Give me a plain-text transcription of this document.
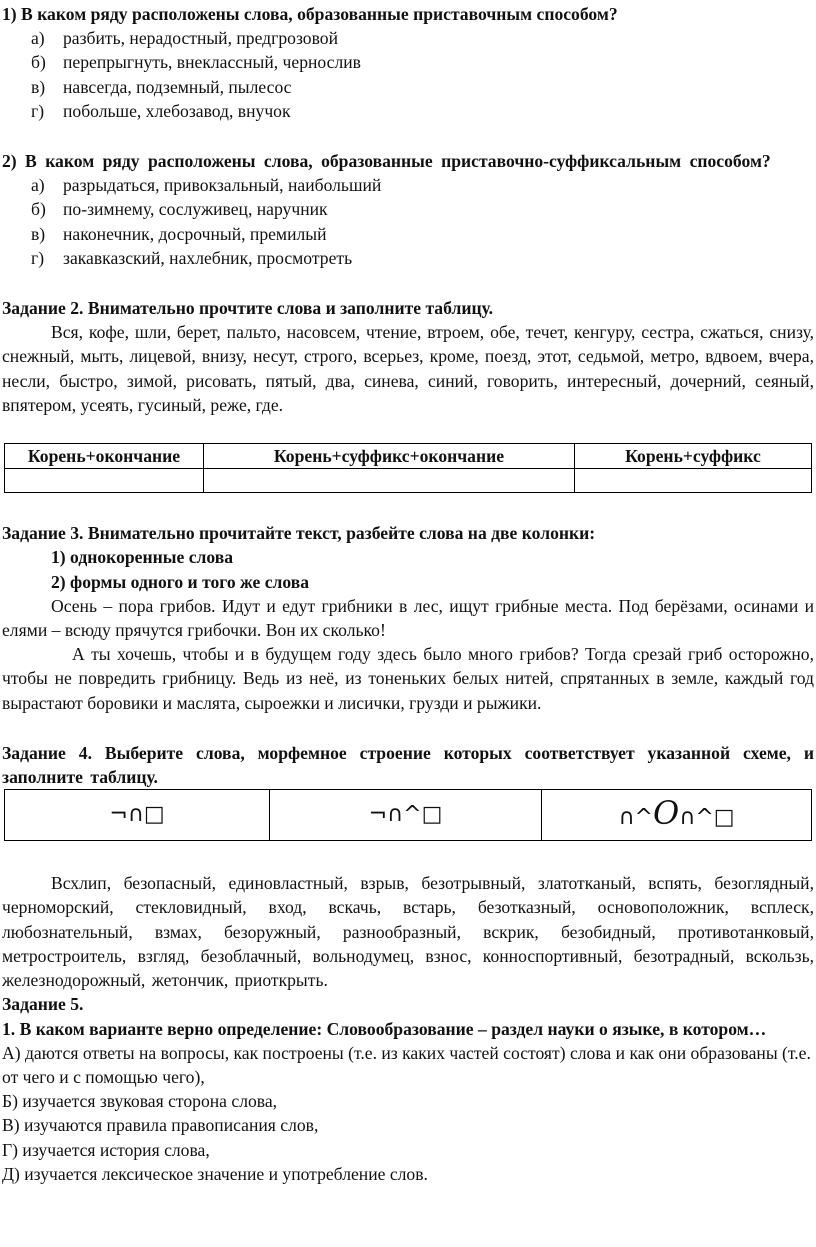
1) В каком ряду расположены слова, образованные приставочным способом?

а)	разбить, нерадостный, предгрозовой
б) перепрыгнуть, внеклассный, чернослив
в)	навсегда, подземный, пылесос
г)	побольше, хлебозавод, внучок

2) В каком ряду расположены слова, образованные приставочно-суффиксальным способом?

а)	разрыдаться, привокзальный, наибольший
б) по-зимнему, сослуживец, наручник
в)	наконечник, досрочный, премилый
г)	закавказский, нахлебник, просмотреть

Задание 2. Внимательно прочтите слова и заполните таблицу.

Вся, кофе, шли, берет, пальто, насовсем, чтение, втроем, обе, течет, кенгуру, сестра, сжаться, снизу, снежный, мыть, лицевой, внизу, несут, строго, всерьез, кроме, поезд, этот, седьмой, метро, вдвоем, вчера, несли, быстро, зимой, рисовать, пятый, два, синева, синий, говорить, интересный, дочерний, сеяный, впятером, усеять, гусиный, реже, где.

Корень+окончание	Корень+суффикс+окончание	Корень+суффикс

Задание 3. Внимательно прочитайте текст, разбейте слова на две колонки:

1) однокоренные слова

2) формы одного и того же слова

Осень – пора грибов. Идут и едут грибники в лес, ищут грибные места. Под берёзами, осинами и елями – всюду прячутся грибочки. Вон их сколько!

А ты хочешь, чтобы и в будущем году здесь было много грибов? Тогда срезай гриб осторожно, чтобы не повредить грибницу. Ведь из неё, из тоненьких белых нитей, спрятанных в земле, каждый год вырастают боровики и маслята, сыроежки и лисички, грузди и рыжики.

Задание 4. Выберите слова, морфемное строение которых соответствует указанной схеме, и заполните таблицу.

¬∩□	¬∩^□	∩^O∩^□

Всхлип, безопасный, единовластный, взрыв, безотрывный, златотканый, вспять, безоглядный, черноморский, стекловидный, вход, вскачь, встарь, безотказный, основоположник, всплеск, любознательный, взмах, безоружный, разнообразный, вскрик, безобидный, противотанковый, метростроитель, взгляд, безоблачный, вольнодумец, взнос, конноспортивный, безотрадный, вскользь, железнодорожный, жетончик, приоткрыть.

Задание 5.

1. В каком варианте верно определение: Словообразование – раздел науки о языке, в котором…

А) даются ответы на вопросы, как построены (т.е. из каких частей состоят) слова и как они образованы (т.е. от чего и с помощью чего),

Б) изучается звуковая сторона слова,

В) изучаются правила правописания слов,

Г) изучается история слова,

Д) изучается лексическое значение и употребление слов.
